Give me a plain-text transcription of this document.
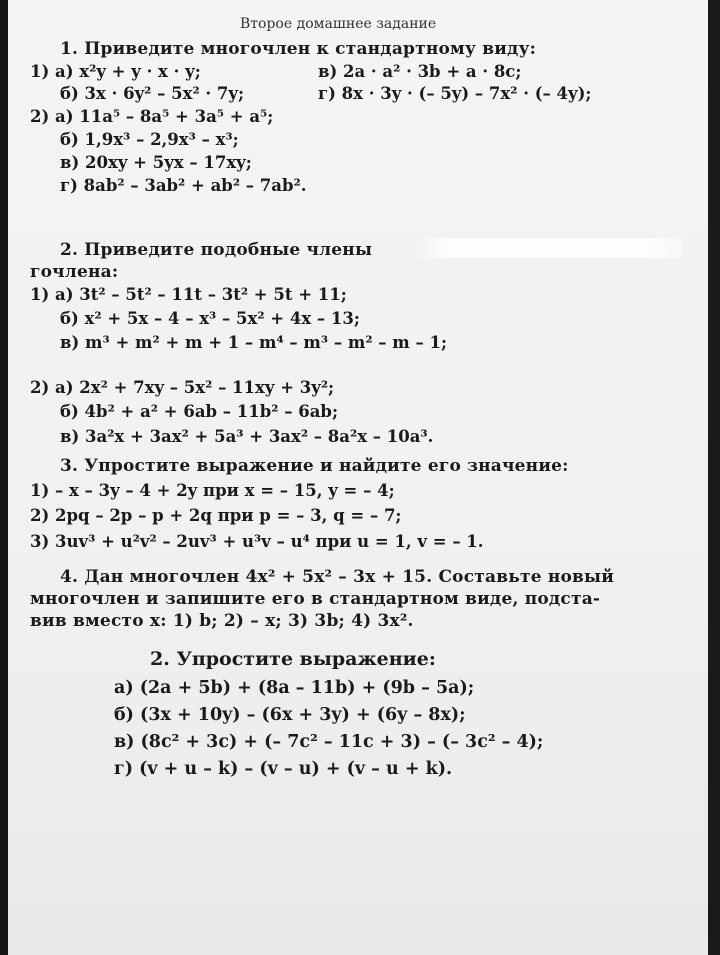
Второе домашнее задание
1. Приведите многочлен к стандартному виду:
1) а) x²y + y · x · y;	в) 2a · a² · 3b + a · 8c;
б) 3x · 6y² – 5x² · 7y;	г) 8x · 3y · (– 5y) – 7x² · (– 4y);
2) а) 11a⁵ – 8a⁵ + 3a⁵ + a⁵;
б) 1,9x³ – 2,9x³ – x³;
в) 20xy + 5yx – 17xy;
г) 8ab² – 3ab² + ab² – 7ab².
2. Приведите подобные члены
гочлена:
1) а) 3t² – 5t² – 11t – 3t² + 5t + 11;
б) x² + 5x – 4 – x³ – 5x² + 4x – 13;
в) m³ + m² + m + 1 – m⁴ – m³ – m² – m – 1;
2) а) 2x² + 7xy – 5x² – 11xy + 3y²;
б) 4b² + a² + 6ab – 11b² – 6ab;
в) 3a²x + 3ax² + 5a³ + 3ax² – 8a²x – 10a³.
3. Упростите выражение и найдите его значение:
1) – x – 3y – 4 + 2y при x = – 15, y = – 4;
2) 2pq – 2p – p + 2q при p = – 3, q = – 7;
3) 3uv³ + u²v² – 2uv³ + u³v – u⁴ при u = 1, v = – 1.
4. Дан многочлен 4x² + 5x² – 3x + 15. Составьте новый
многочлен и запишите его в стандартном виде, подста-
вив вместо x: 1) b; 2) – x; 3) 3b; 4) 3x².
2. Упростите выражение:
а) (2a + 5b) + (8a – 11b) + (9b – 5a);
б) (3x + 10y) – (6x + 3y) + (6y – 8x);
в) (8c² + 3c) + (– 7c² – 11c + 3) – (– 3c² – 4);
г) (v + u – k) – (v – u) + (v – u + k).
